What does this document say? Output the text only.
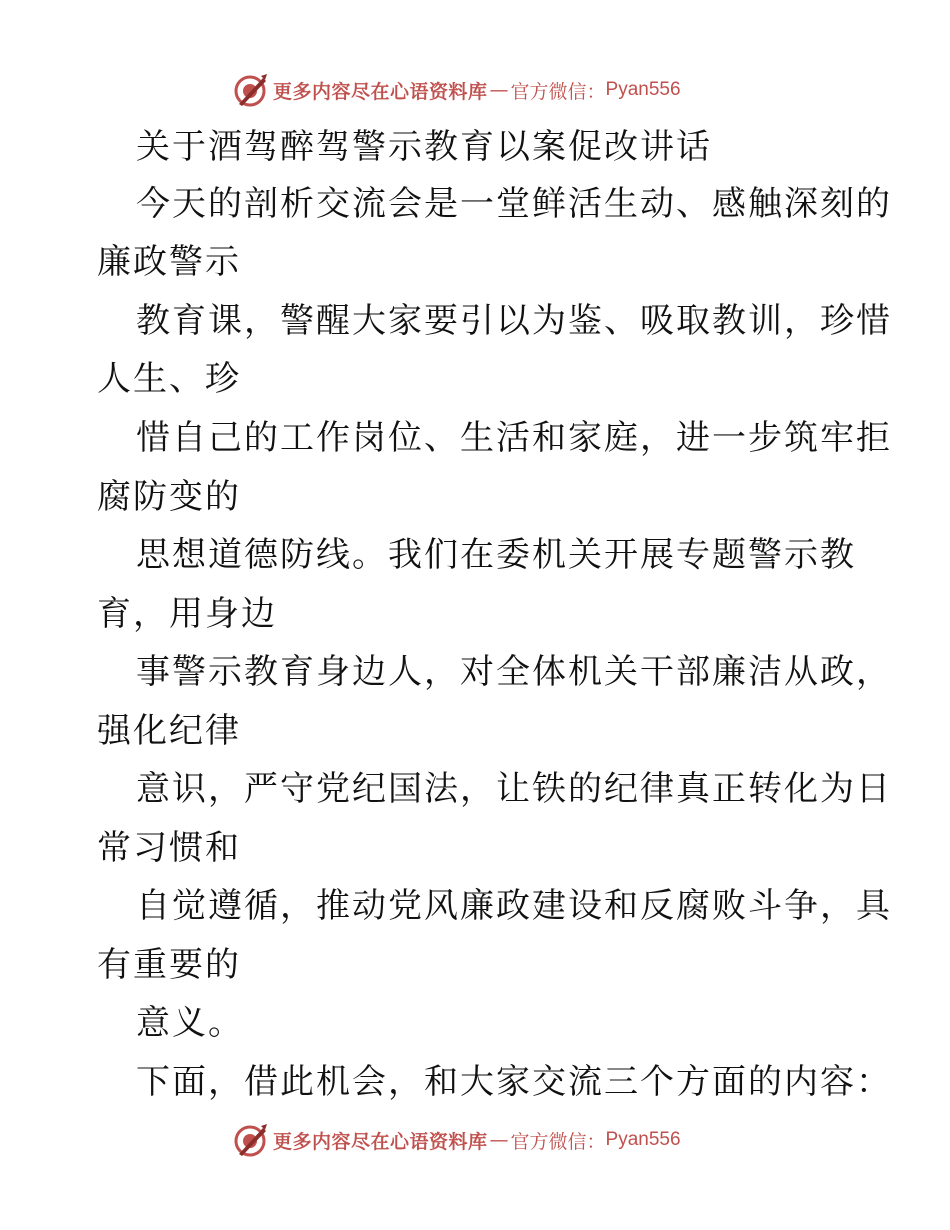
更多内容尽在心语资料库 — 官方微信： Pyan556
关于酒驾醉驾警示教育以案促改讲话
今天的剖析交流会是一堂鲜活生动、感触深刻的
廉政警示
教育课，警醒大家要引以为鉴、吸取教训，珍惜
人生、珍
惜自己的工作岗位、生活和家庭，进一步筑牢拒
腐防变的
思想道德防线。我们在委机关开展专题警示教
育，用身边
事警示教育身边人，对全体机关干部廉洁从政，
强化纪律
意识，严守党纪国法，让铁的纪律真正转化为日
常习惯和
自觉遵循，推动党风廉政建设和反腐败斗争，具
有重要的
意义。
下面，借此机会，和大家交流三个方面的内容：
更多内容尽在心语资料库 — 官方微信： Pyan556
